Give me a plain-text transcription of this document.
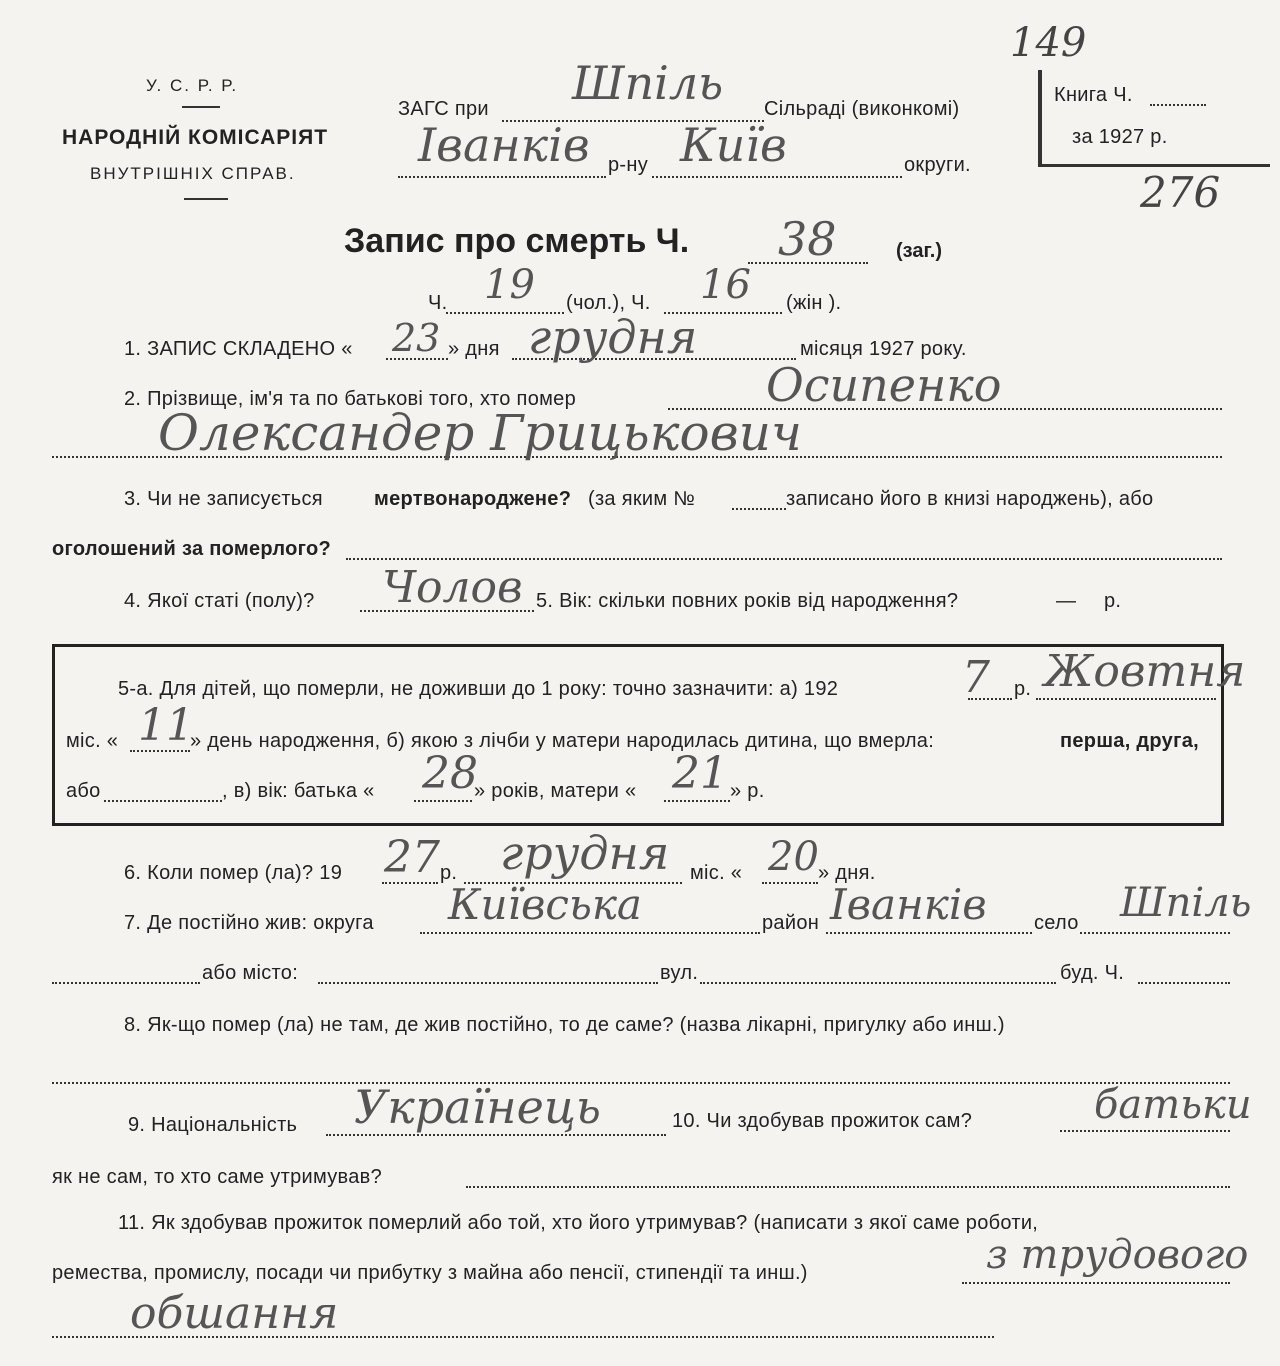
У. С. Р. Р.
НАРОДНІЙ КОМІСАРІЯТ
ВНУТРІШНІХ СПРАВ.
ЗАГС при Шпіль Сільраді (виконкомі)
Іванків р-ну Київ	округи.
Книга Ч.
за 1927 р.
149
276
Запис про смерть Ч. 38	(заг.)
Ч. 19 (чол.), Ч. 16 (жін ).
1. ЗАПИС СКЛАДЕНО « 23 » дня грудня	місяця 1927 року.
2. Прізвище, ім'я та по батькові того, хто помер	Осипенко
Олександер Грицькович
3. Чи не записується	мертвонароджене? (за яким №	записано його в книзі народжень), або
оголошений за померлого?
4. Якої статі (полу)? Чолов 5. Вік: скільки повних років від народження?	— р.
5-а. Для дітей, що померли, не доживши до 1 року: точно зазначити: а) 192	7 р. Жовтня
міс. « 11
» день народження, б) якою з лічби у матери народилась дитина, що вмерла:	перша, друга,
або	, в) вік: батька « 28
» років, матери « 21 » р.
6. Коли помер (ла)? 19 27 р. грудня міс. « 20 » дня.
7. Де постійно жив: округа Київська	район Іванків село Шпіль
або місто:	вул.	буд. Ч.
8. Як-що помер (ла) не там, де жив постійно, то де саме? (назва лікарні, пригулку або инш.)
9. Національність Українець	10. Чи здобував прожиток сам?	батьки
як не сам, то хто саме утримував?
11. Як здобував прожиток померлий або той, хто його утримував? (написати з якої саме роботи,
ремества, промислу, посади чи прибутку з майна або пенсії, стипендії та инш.)	з трудового
обшання
